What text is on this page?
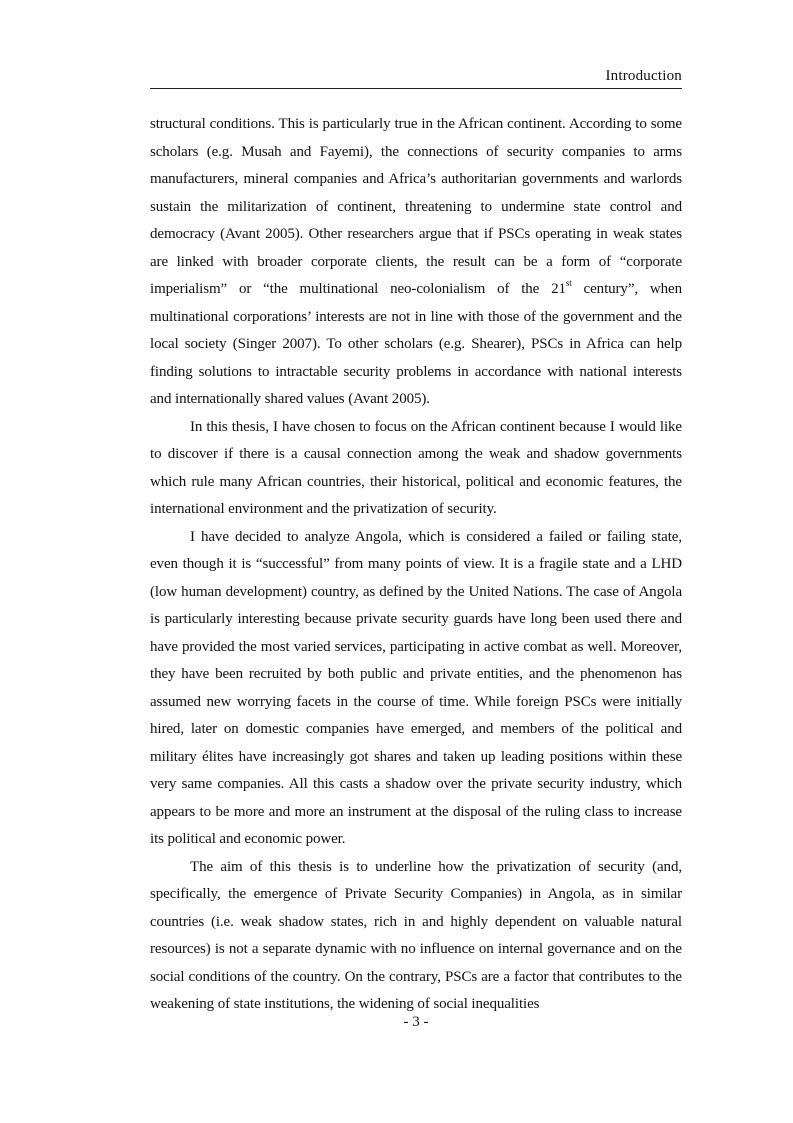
Introduction

structural conditions. This is particularly true in the African continent. According to some scholars (e.g. Musah and Fayemi), the connections of security companies to arms manufacturers, mineral companies and Africa’s authoritarian governments and warlords sustain the militarization of continent, threatening to undermine state control and democracy (Avant 2005). Other researchers argue that if PSCs operating in weak states are linked with broader corporate clients, the result can be a form of “corporate imperialism” or “the multinational neo-colonialism of the 21st century”, when multinational corporations’ interests are not in line with those of the government and the local society (Singer 2007). To other scholars (e.g. Shearer), PSCs in Africa can help finding solutions to intractable security problems in accordance with national interests and internationally shared values (Avant 2005).

In this thesis, I have chosen to focus on the African continent because I would like to discover if there is a causal connection among the weak and shadow governments which rule many African countries, their historical, political and economic features, the international environment and the privatization of security.

I have decided to analyze Angola, which is considered a failed or failing state, even though it is “successful” from many points of view. It is a fragile state and a LHD (low human development) country, as defined by the United Nations. The case of Angola is particularly interesting because private security guards have long been used there and have provided the most varied services, participating in active combat as well. Moreover, they have been recruited by both public and private entities, and the phenomenon has assumed new worrying facets in the course of time. While foreign PSCs were initially hired, later on domestic companies have emerged, and members of the political and military élites have increasingly got shares and taken up leading positions within these very same companies. All this casts a shadow over the private security industry, which appears to be more and more an instrument at the disposal of the ruling class to increase its political and economic power.

The aim of this thesis is to underline how the privatization of security (and, specifically, the emergence of Private Security Companies) in Angola, as in similar countries (i.e. weak shadow states, rich in and highly dependent on valuable natural resources) is not a separate dynamic with no influence on internal governance and on the social conditions of the country. On the contrary, PSCs are a factor that contributes to the weakening of state institutions, the widening of social inequalities

- 3 -
